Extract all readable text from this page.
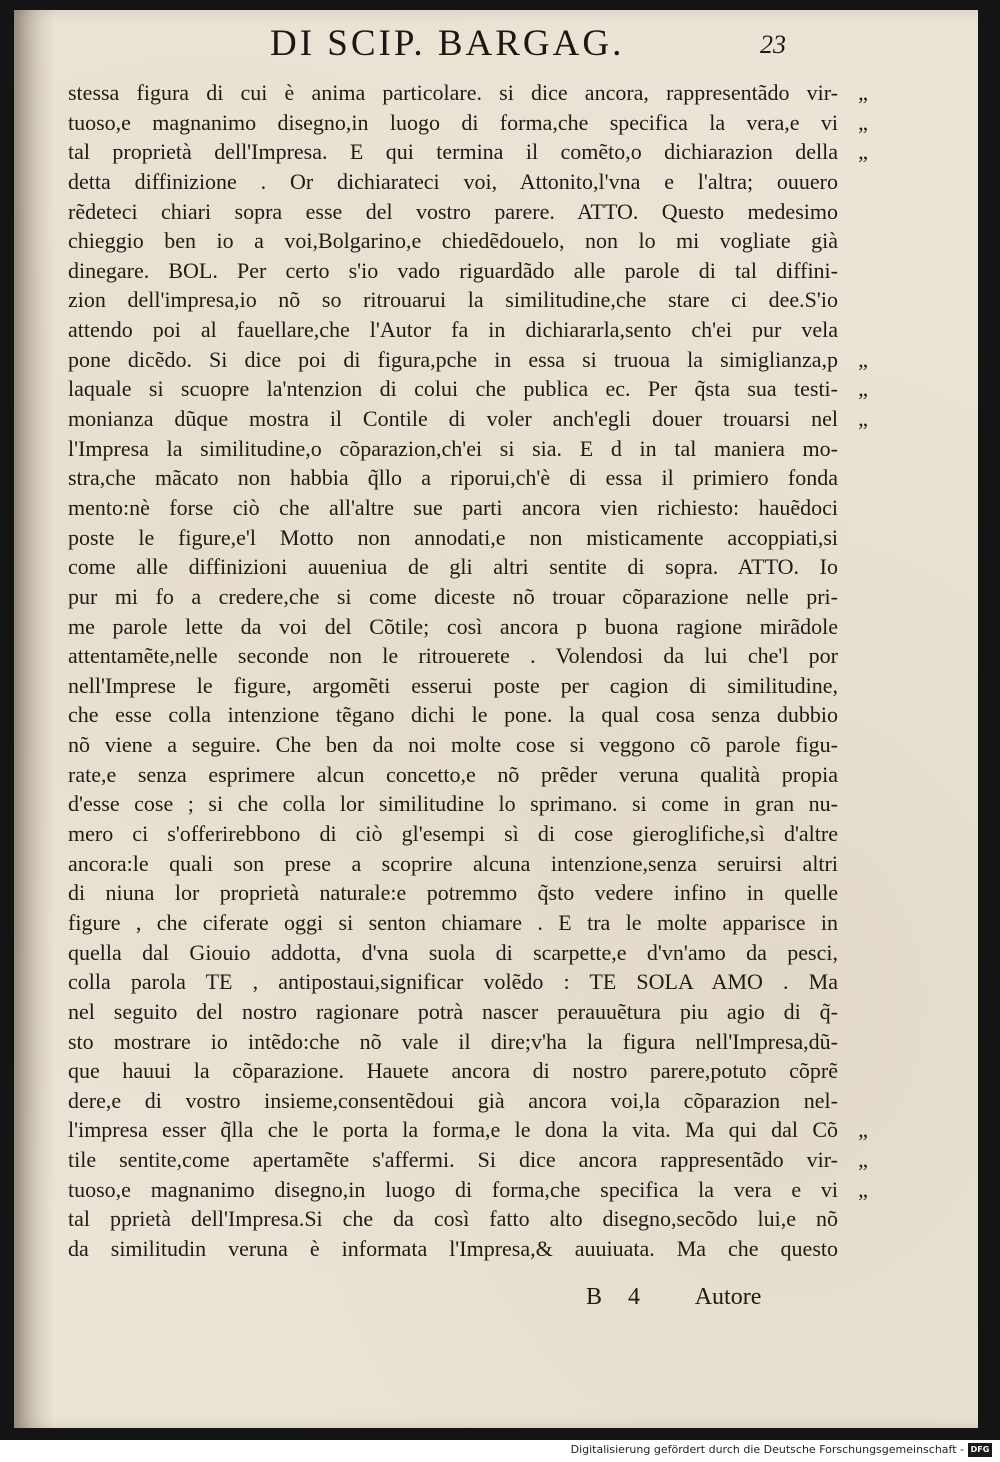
DI SCIP. BARGAG.	23
stessa figura di cui è anima particolare. si dice ancora, rappresentãdo vir-
tuoso,e magnanimo disegno,in luogo di forma,che specifica la vera,e vi
tal proprietà dell'Impresa. E qui termina il comẽto,o dichiarazion della
detta diffinizione . Or dichiarateci voi, Attonito,l'vna e l'altra; ouuero
rẽdeteci chiari sopra esse del vostro parere. ATTO. Questo medesimo
chieggio ben io a voi,Bolgarino,e chiedẽdouelo, non lo mi vogliate già
dinegare. BOL. Per certo s'io vado riguardãdo alle parole di tal diffini-
zion dell'impresa,io nõ so ritrouarui la similitudine,che stare ci dee.S'io
attendo poi al fauellare,che l'Autor fa in dichiararla,sento ch'ei pur vela
pone dicẽdo. Si dice poi di figura,pche in essa si truoua la simiglianza,p
laquale si scuopre la'ntenzion di colui che publica ec. Per q̃sta sua testi-
monianza dũque mostra il Contile di voler anch'egli douer trouarsi nel
l'Impresa la similitudine,o cõparazion,ch'ei si sia. E d in tal maniera mo-
stra,che mãcato non habbia q̃llo a riporui,ch'è di essa il primiero fonda
mento:nè forse ciò che all'altre sue parti ancora vien richiesto: hauẽdoci
poste le figure,e'l Motto non annodati,e non misticamente accoppiati,si
come alle diffinizioni auueniua de gli altri sentite di sopra. ATTO. Io
pur mi fo a credere,che si come diceste nõ trouar cõparazione nelle pri-
me parole lette da voi del Cõtile; così ancora p buona ragione mirãdole
attentamẽte,nelle seconde non le ritrouerete . Volendosi da lui che'l por
nell'Imprese le figure, argomẽti esserui poste per cagion di similitudine,
che esse colla intenzione tẽgano dichi le pone. la qual cosa senza dubbio
nõ viene a seguire. Che ben da noi molte cose si veggono cõ parole figu-
rate,e senza esprimere alcun concetto,e nõ prẽder veruna qualità propia
d'esse cose ; si che colla lor similitudine lo sprimano. si come in gran nu-
mero ci s'offerirebbono di ciò gl'esempi sì di cose gieroglifiche,sì d'altre
ancora:le quali son prese a scoprire alcuna intenzione,senza seruirsi altri
di niuna lor proprietà naturale:e potremmo q̃sto vedere infino in quelle
figure , che ciferate oggi si senton chiamare . E tra le molte apparisce in
quella dal Giouio addotta, d'vna suola di scarpette,e d'vn'amo da pesci,
colla parola TE , antipostaui,significar volẽdo : TE SOLA AMO . Ma
nel seguito del nostro ragionare potrà nascer perauuẽtura piu agio di q̃-
sto mostrare io intẽdo:che nõ vale il dire;v'ha la figura nell'Impresa,dũ-
que hauui la cõparazione. Hauete ancora di nostro parere,potuto cõprẽ
dere,e di vostro insieme,consentẽdoui già ancora voi,la cõparazion nel-
l'impresa esser q̃lla che le porta la forma,e le dona la vita. Ma qui dal Cõ
tile sentite,come apertamẽte s'affermi. Si dice ancora rappresentãdo vir-
tuoso,e magnanimo disegno,in luogo di forma,che specifica la vera e vi
tal pprietà dell'Impresa.Si che da così fatto alto disegno,secõdo lui,e nõ
da similitudin veruna è informata l'Impresa,& auuiuata. Ma che questo
„
„
„
„
„
„
„
„
„
B 4 Autore
Digitalisierung gefördert durch die Deutsche Forschungsgemeinschaft - DFG
